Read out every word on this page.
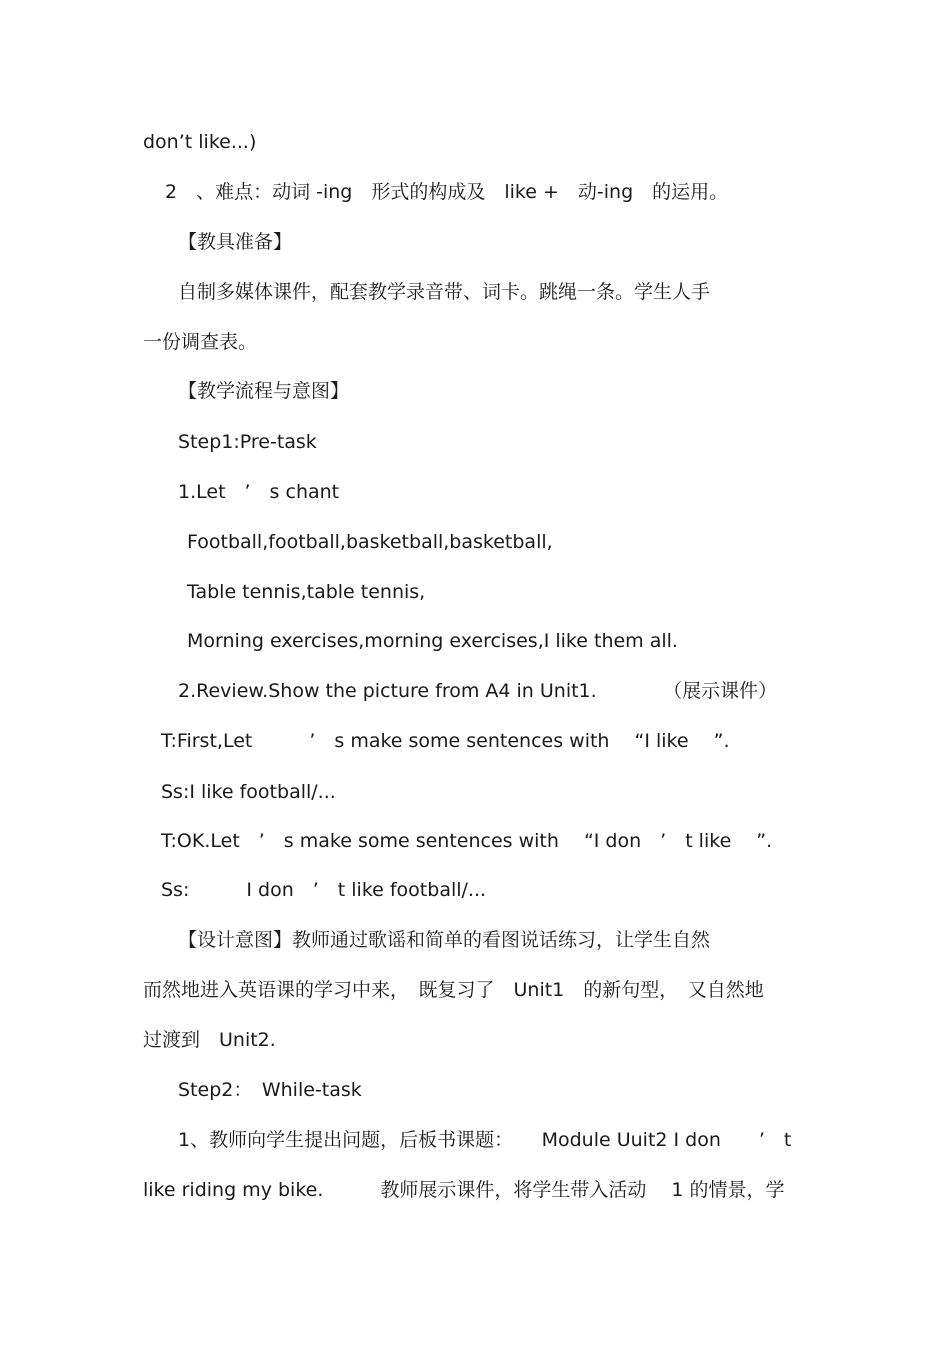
don’t like...)
2　、难点：动词 -ing　形式的构成及　like +　动-ing　的运用。
【教具准备】
自制多媒体课件，配套教学录音带、词卡。跳绳一条。学生人手
一份调查表。
【教学流程与意图】
Step1:Pre-task
1.Let　’　s chant
Football,football,basketball,basketball,
Table tennis,table tennis,
Morning exercises,morning exercises,I like them all.
2.Review.Show the picture from A4 in Unit1.　　　　（展示课件）
T:First,Let　　　’　s make some sentences with　 “I like　 ”.
Ss:I like football/...
T:OK.Let　’　s make some sentences with　 “I don　’　t like　 ”.
Ss:　　　I don　’　t like football/...
【设计意图】教师通过歌谣和简单的看图说话练习，让学生自然
而然地进入英语课的学习中来，　既复习了　Unit1　的新句型，　又自然地
过渡到　Unit2.
Step2：　While-task
1、教师向学生提出问题，后板书课题：　　Module Uuit2 I don　　’　t
like riding my bike.　　　教师展示课件，将学生带入活动　 1 的情景，学
